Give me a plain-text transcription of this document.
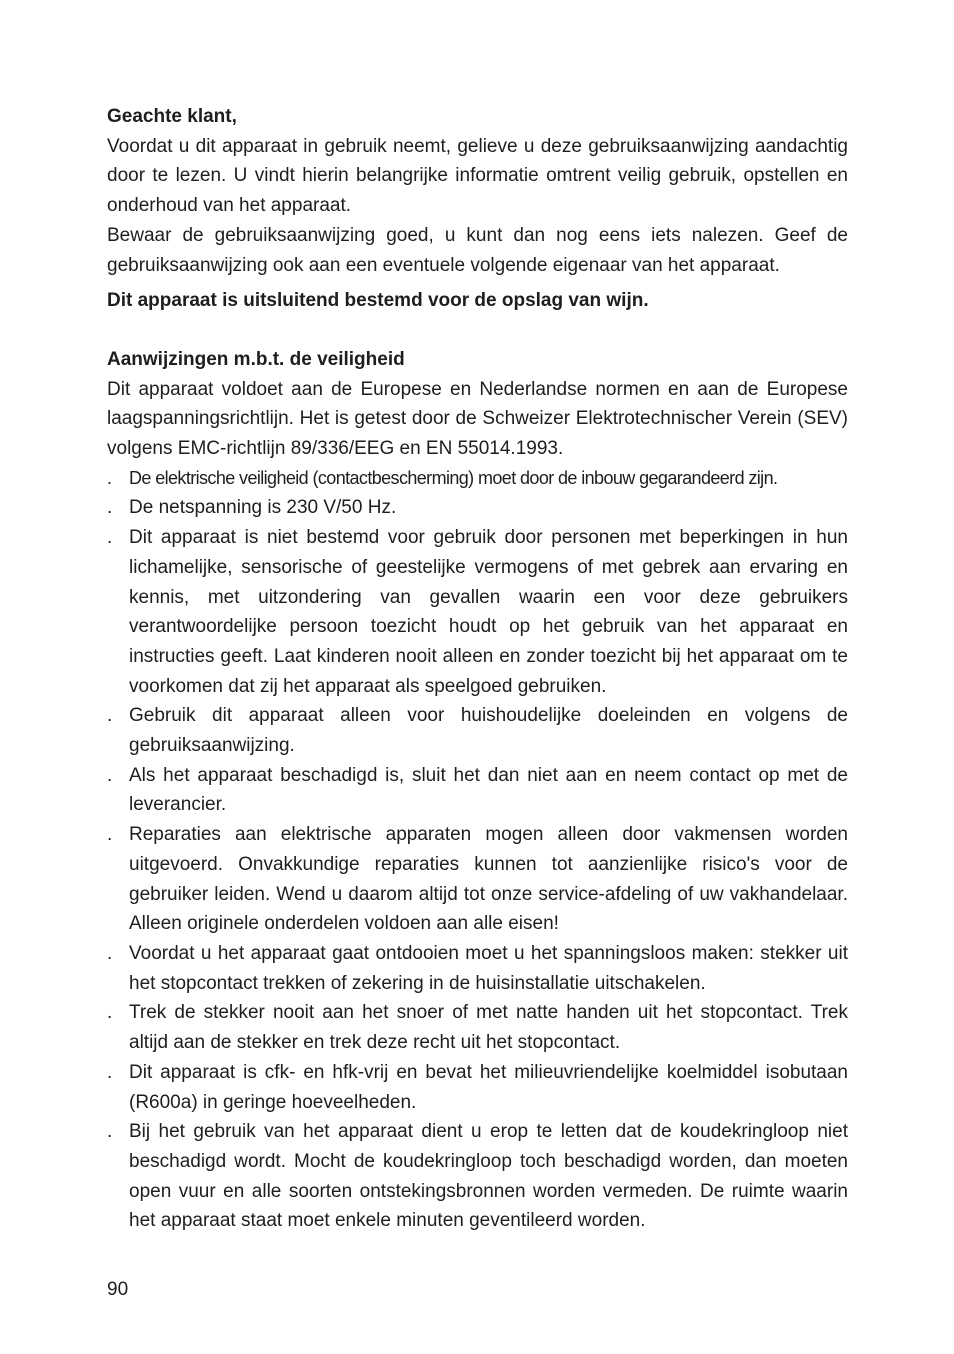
Geachte klant,

Voordat u dit apparaat in gebruik neemt, gelieve u deze gebruiksaanwijzing aandachtig door te lezen. U vindt hierin belangrijke informatie omtrent veilig gebruik, opstellen en onderhoud van het apparaat.

Bewaar de gebruiksaanwijzing goed, u kunt dan nog eens iets nalezen. Geef de gebruiksaanwijzing ook aan een eventuele volgende eigenaar van het apparaat.

Dit apparaat is uitsluitend bestemd voor de opslag van wijn.

Aanwijzingen m.b.t. de veiligheid

Dit apparaat voldoet aan de Europese en Nederlandse normen en aan de Europese laagspanningsrichtlijn. Het is getest door de Schweizer Elektrotechnischer Verein (SEV) volgens EMC-richtlijn 89/336/EEG en EN 55014.1993.

. De elektrische veiligheid (contactbescherming) moet door de inbouw gegarandeerd zijn.
. De netspanning is 230 V/50 Hz.
. Dit apparaat is niet bestemd voor gebruik door personen met beperkingen in hun lichamelijke, sensorische of geestelijke vermogens of met gebrek aan ervaring en kennis, met uitzondering van gevallen waarin een voor deze gebruikers verantwoordelijke persoon toezicht houdt op het gebruik van het apparaat en instructies geeft. Laat kinderen nooit alleen en zonder toezicht bij het apparaat om te voorkomen dat zij het apparaat als speelgoed gebruiken.
. Gebruik dit apparaat alleen voor huishoudelijke doeleinden en volgens de gebruiksaanwijzing.
. Als het apparaat beschadigd is, sluit het dan niet aan en neem contact op met de leverancier.
. Reparaties aan elektrische apparaten mogen alleen door vakmensen worden uitgevoerd. Onvakkundige reparaties kunnen tot aanzienlijke risico's voor de gebruiker leiden. Wend u daarom altijd tot onze service-afdeling of uw vakhandelaar. Alleen originele onderdelen voldoen aan alle eisen!
. Voordat u het apparaat gaat ontdooien moet u het spanningsloos maken: stekker uit het stopcontact trekken of zekering in de huisinstallatie uitschakelen.
. Trek de stekker nooit aan het snoer of met natte handen uit het stopcontact. Trek altijd aan de stekker en trek deze recht uit het stopcontact.
. Dit apparaat is cfk- en hfk-vrij en bevat het milieuvriendelijke koelmiddel isobutaan (R600a) in geringe hoeveelheden.
. Bij het gebruik van het apparaat dient u erop te letten dat de koudekringloop niet beschadigd wordt. Mocht de koudekringloop toch beschadigd worden, dan moeten open vuur en alle soorten ontstekingsbronnen worden vermeden. De ruimte waarin het apparaat staat moet enkele minuten geventileerd worden.
90
